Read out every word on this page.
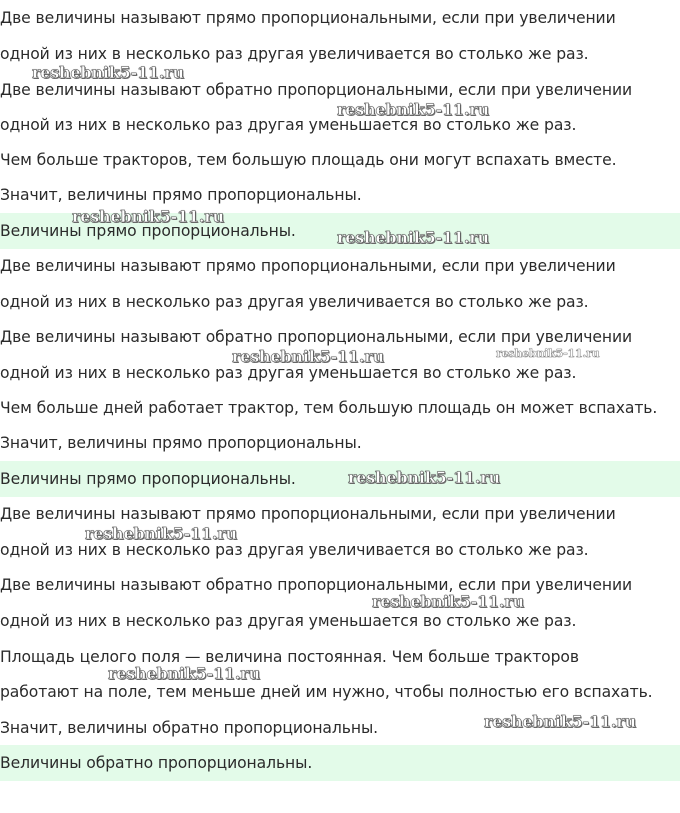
Две величины называют прямо пропорциональными, если при увеличении
одной из них в несколько раз другая увеличивается во столько же раз.
Две величины называют обратно пропорциональными, если при увеличении
одной из них в несколько раз другая уменьшается во столько же раз.
Чем больше тракторов, тем большую площадь они могут вспахать вместе.
Значит, величины прямо пропорциональны.
Величины прямо пропорциональны.
Две величины называют прямо пропорциональными, если при увеличении
одной из них в несколько раз другая увеличивается во столько же раз.
Две величины называют обратно пропорциональными, если при увеличении
одной из них в несколько раз другая уменьшается во столько же раз.
Чем больше дней работает трактор, тем большую площадь он может вспахать.
Значит, величины прямо пропорциональны.
Величины прямо пропорциональны.
Две величины называют прямо пропорциональными, если при увеличении
одной из них в несколько раз другая увеличивается во столько же раз.
Две величины называют обратно пропорциональными, если при увеличении
одной из них в несколько раз другая уменьшается во столько же раз.
Площадь целого поля — величина постоянная. Чем больше тракторов
работают на поле, тем меньше дней им нужно, чтобы полностью его вспахать.
Значит, величины обратно пропорциональны.
Величины обратно пропорциональны.
reshebnik5-11.ru
reshebnik5-11.ru
reshebnik5-11.ru
reshebnik5-11.ru
reshebnik5-11.ru	reshebnik5-11.ru
reshebnik5-11.ru
reshebnik5-11.ru
reshebnik5-11.ru
reshebnik5-11.ru
reshebnik5-11.ru
